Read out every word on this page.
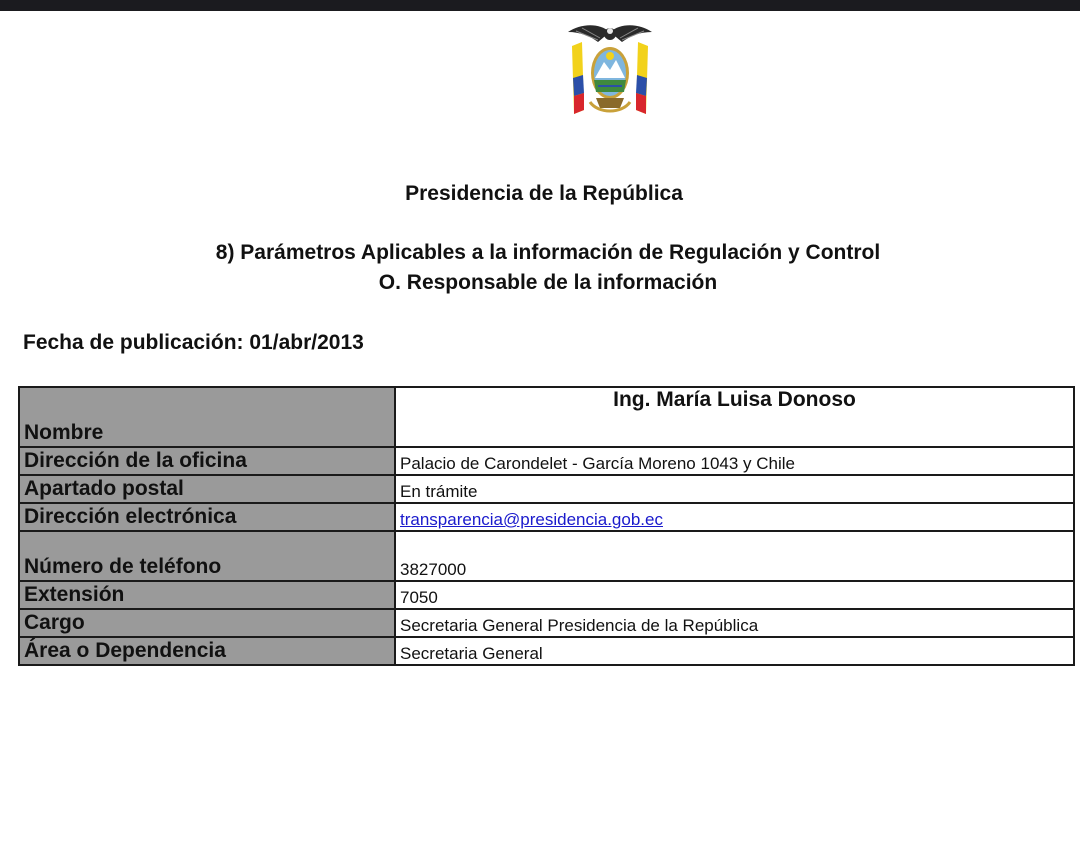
Presidencia de la República
8) Parámetros Aplicables a la información de Regulación y Control
O. Responsable de la información
Fecha de publicación: 01/abr/2013
Nombre	Ing. María Luisa Donoso
Dirección de la oficina	Palacio de Carondelet - García Moreno 1043 y Chile
Apartado postal	En trámite
Dirección electrónica	transparencia@presidencia.gob.ec
Número de teléfono	3827000
Extensión	7050
Cargo	Secretaria General Presidencia de la República
Área o Dependencia	Secretaria General
